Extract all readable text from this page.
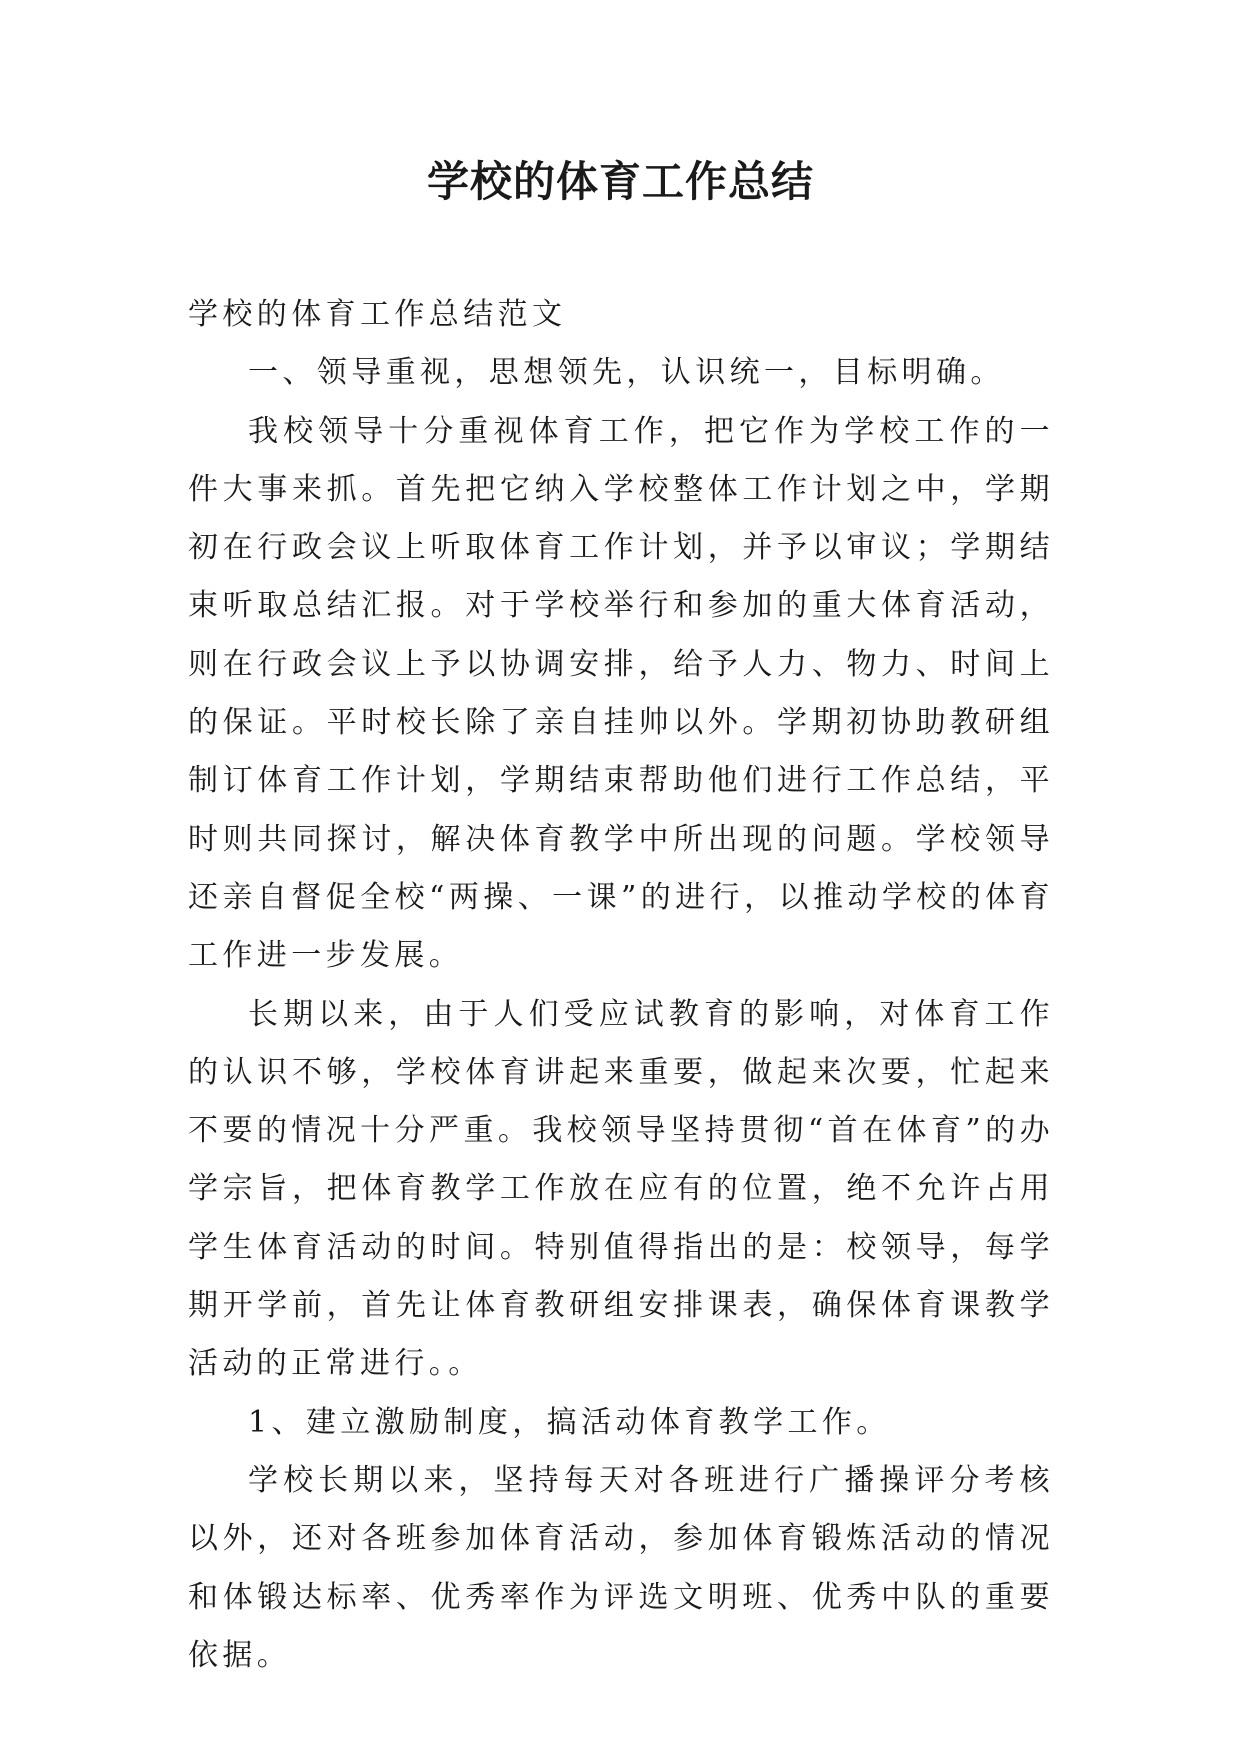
学校的体育工作总结

学校的体育工作总结范文

一、领导重视，思想领先，认识统一，目标明确。

我校领导十分重视体育工作，把它作为学校工作的一件大事来抓。首先把它纳入学校整体工作计划之中，学期初在行政会议上听取体育工作计划，并予以审议；学期结束听取总结汇报。对于学校举行和参加的重大体育活动，则在行政会议上予以协调安排，给予人力、物力、时间上的保证。平时校长除了亲自挂帅以外。学期初协助教研组制订体育工作计划，学期结束帮助他们进行工作总结，平时则共同探讨，解决体育教学中所出现的问题。学校领导还亲自督促全校“两操、一课”的进行，以推动学校的体育工作进一步发展。

长期以来，由于人们受应试教育的影响，对体育工作的认识不够，学校体育讲起来重要，做起来次要，忙起来不要的情况十分严重。我校领导坚持贯彻“首在体育”的办学宗旨，把体育教学工作放在应有的位置，绝不允许占用学生体育活动的时间。特别值得指出的是：校领导，每学期开学前，首先让体育教研组安排课表，确保体育课教学活动的正常进行。。

1、建立激励制度，搞活动体育教学工作。

学校长期以来，坚持每天对各班进行广播操评分考核以外，还对各班参加体育活动，参加体育锻炼活动的情况和体锻达标率、优秀率作为评选文明班、优秀中队的重要依据。
